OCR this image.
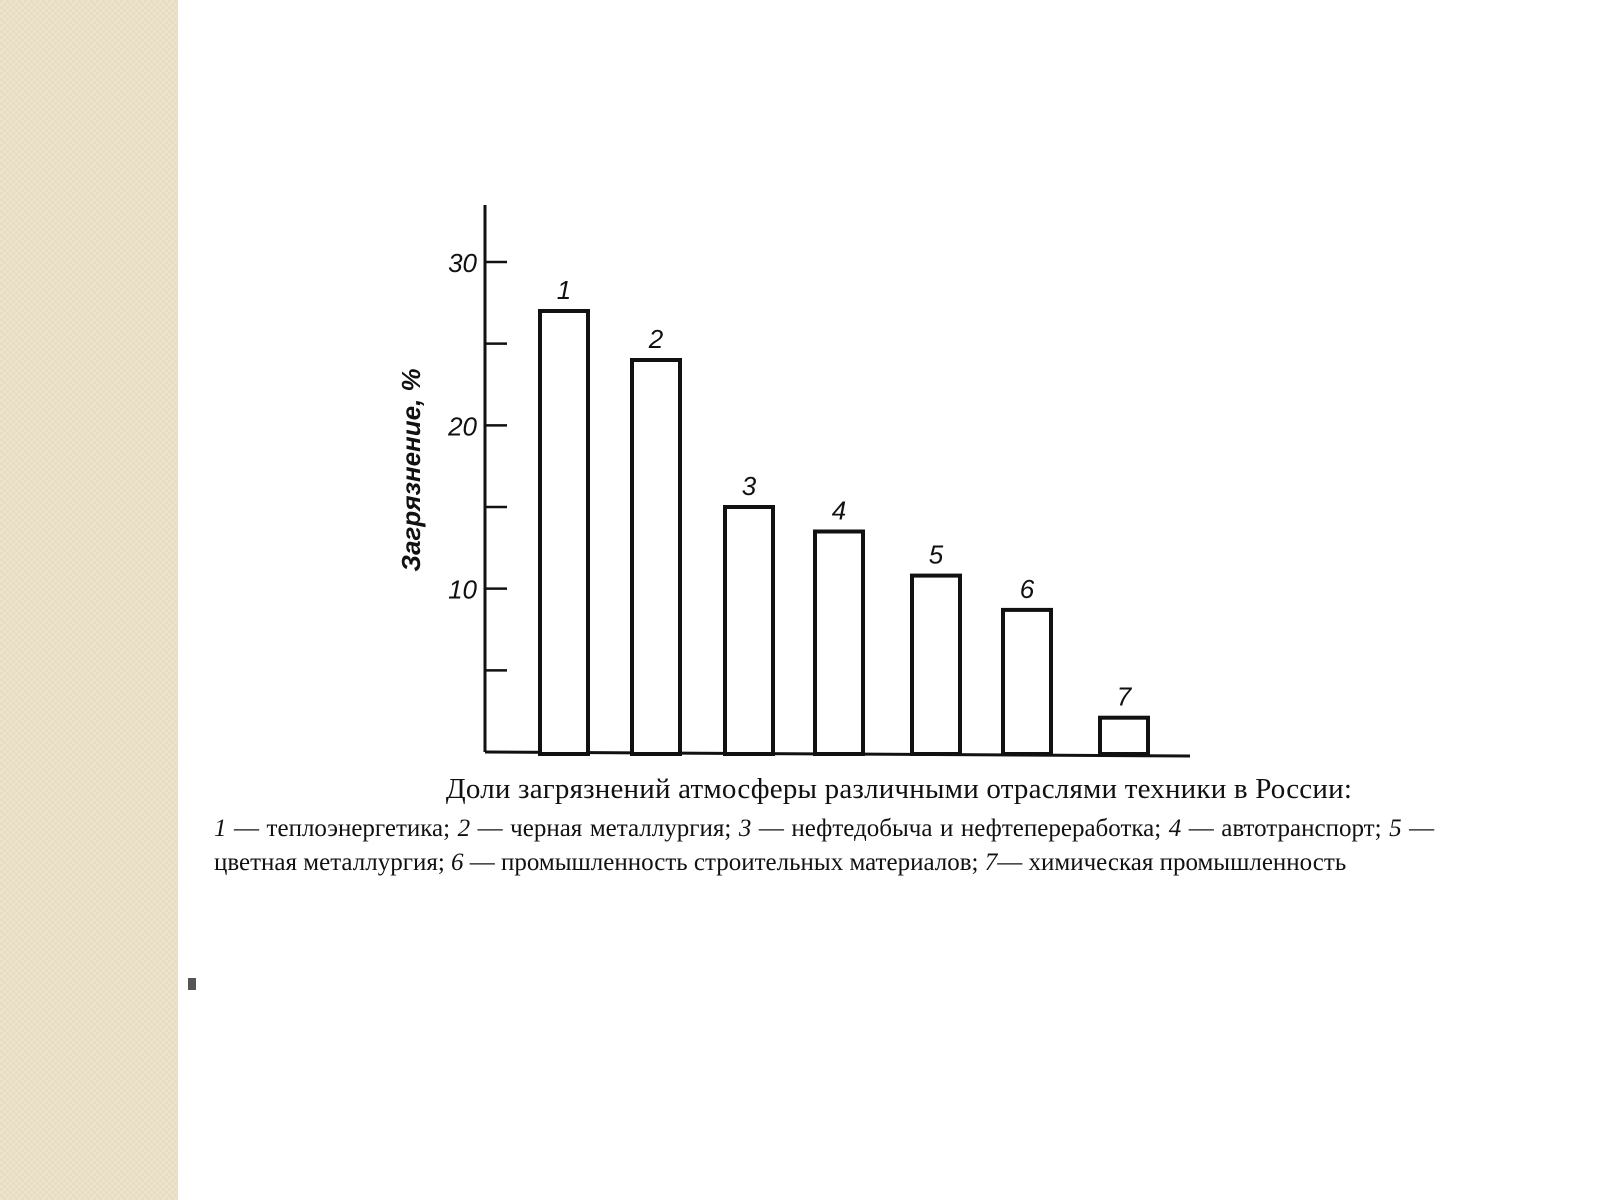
10
20
30
1
2
3
4
5
6
7
Загрязнение, %

Доли загрязнений атмосферы различными отраслями техники в России:

1 — теплоэнергетика; 2 — черная металлургия; 3 — нефтедобыча и нефтепереработка; 4 — автотранспорт; 5 — цветная металлургия; 6 — промышленность строительных материалов; 7— химическая промышленность
